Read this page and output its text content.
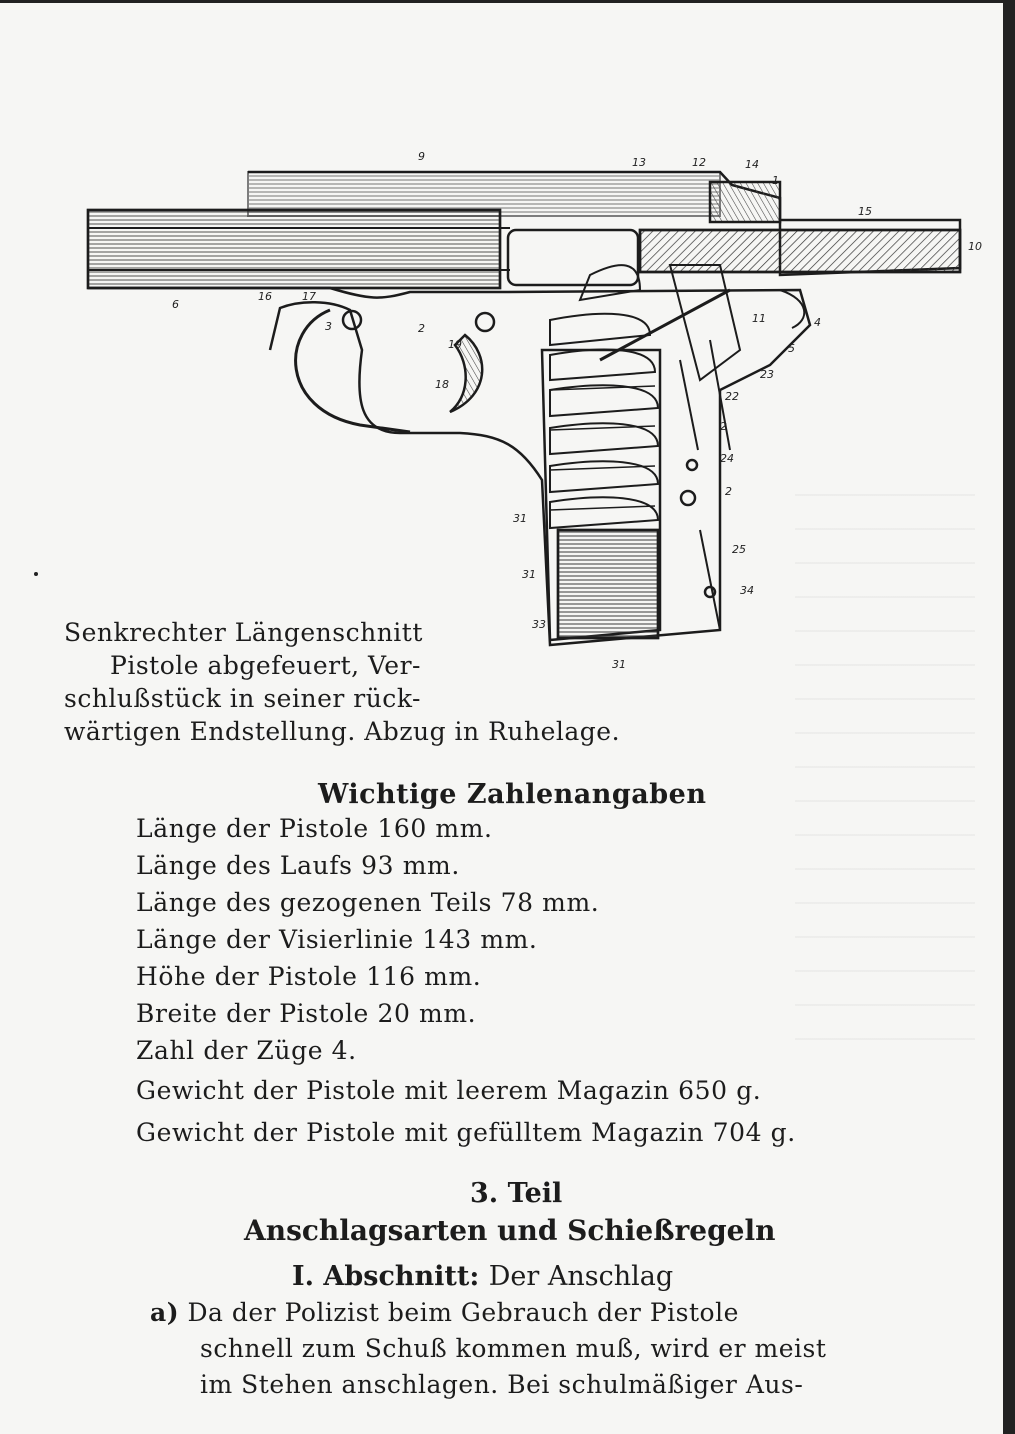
9	13	12	14
1
15
10
6
16	17
3	2
19
18
11
5
4
23
22
2
24
2
31
31
33
31
25
34
Senkrechter Längenschnitt
Pistole abgefeuert, Ver-
schlußstück in seiner rück-
wärtigen Endstellung. Abzug in Ruhelage.
Wichtige Zahlenangaben
Länge der Pistole 160 mm.
Länge des Laufs 93 mm.
Länge des gezogenen Teils 78 mm.
Länge der Visierlinie 143 mm.
Höhe der Pistole 116 mm.
Breite der Pistole 20 mm.
Zahl der Züge 4.
Gewicht der Pistole mit leerem Magazin 650 g.
Gewicht der Pistole mit gefülltem Magazin 704 g.
3. Teil
Anschlagsarten und Schießregeln
I. Abschnitt: Der Anschlag
a) Da der Polizist beim Gebrauch der Pistole
schnell zum Schuß kommen muß, wird er meist
im Stehen anschlagen. Bei schulmäßiger Aus-
